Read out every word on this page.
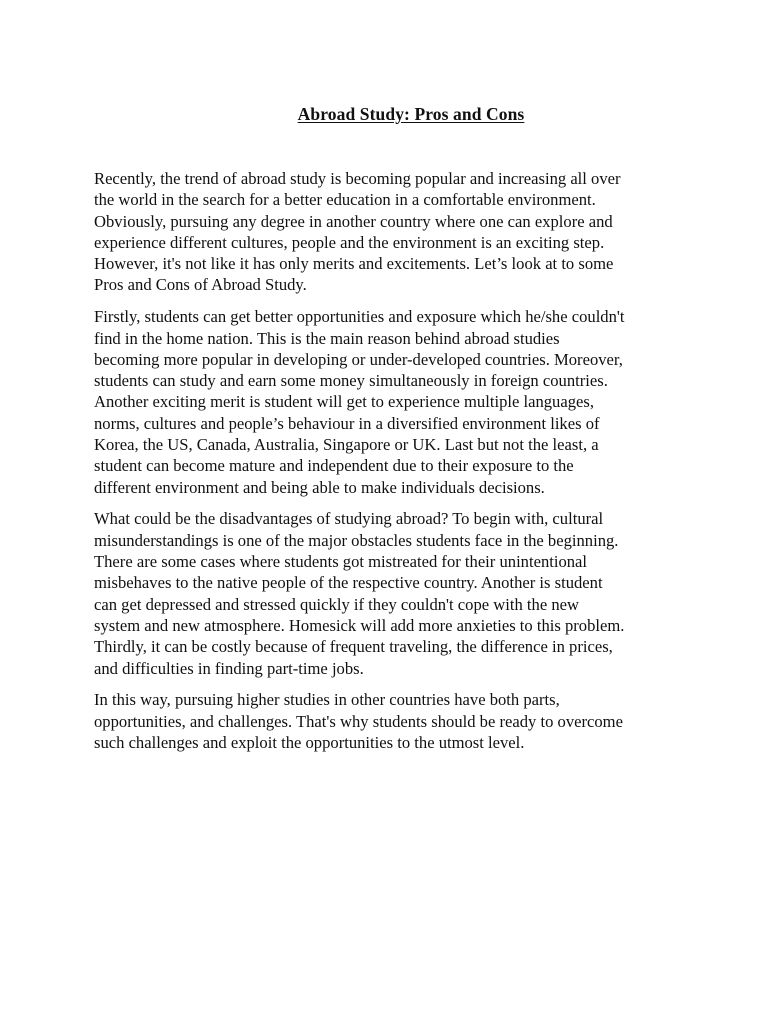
Abroad Study: Pros and Cons

Recently, the trend of abroad study is becoming popular and increasing all over
the world in the search for a better education in a comfortable environment.
Obviously, pursuing any degree in another country where one can explore and
experience different cultures, people and the environment is an exciting step.
However, it's not like it has only merits and excitements. Let’s look at to some
Pros and Cons of Abroad Study.

Firstly, students can get better opportunities and exposure which he/she couldn't
find in the home nation. This is the main reason behind abroad studies
becoming more popular in developing or under-developed countries. Moreover,
students can study and earn some money simultaneously in foreign countries.
Another exciting merit is student will get to experience multiple languages,
norms, cultures and people’s behaviour in a diversified environment likes of
Korea, the US, Canada, Australia, Singapore or UK. Last but not the least, a
student can become mature and independent due to their exposure to the
different environment and being able to make individuals decisions.

What could be the disadvantages of studying abroad? To begin with, cultural
misunderstandings is one of the major obstacles students face in the beginning.
There are some cases where students got mistreated for their unintentional
misbehaves to the native people of the respective country. Another is student
can get depressed and stressed quickly if they couldn't cope with the new
system and new atmosphere. Homesick will add more anxieties to this problem.
Thirdly, it can be costly because of frequent traveling, the difference in prices,
and difficulties in finding part-time jobs.

In this way, pursuing higher studies in other countries have both parts,
opportunities, and challenges. That's why students should be ready to overcome
such challenges and exploit the opportunities to the utmost level.
